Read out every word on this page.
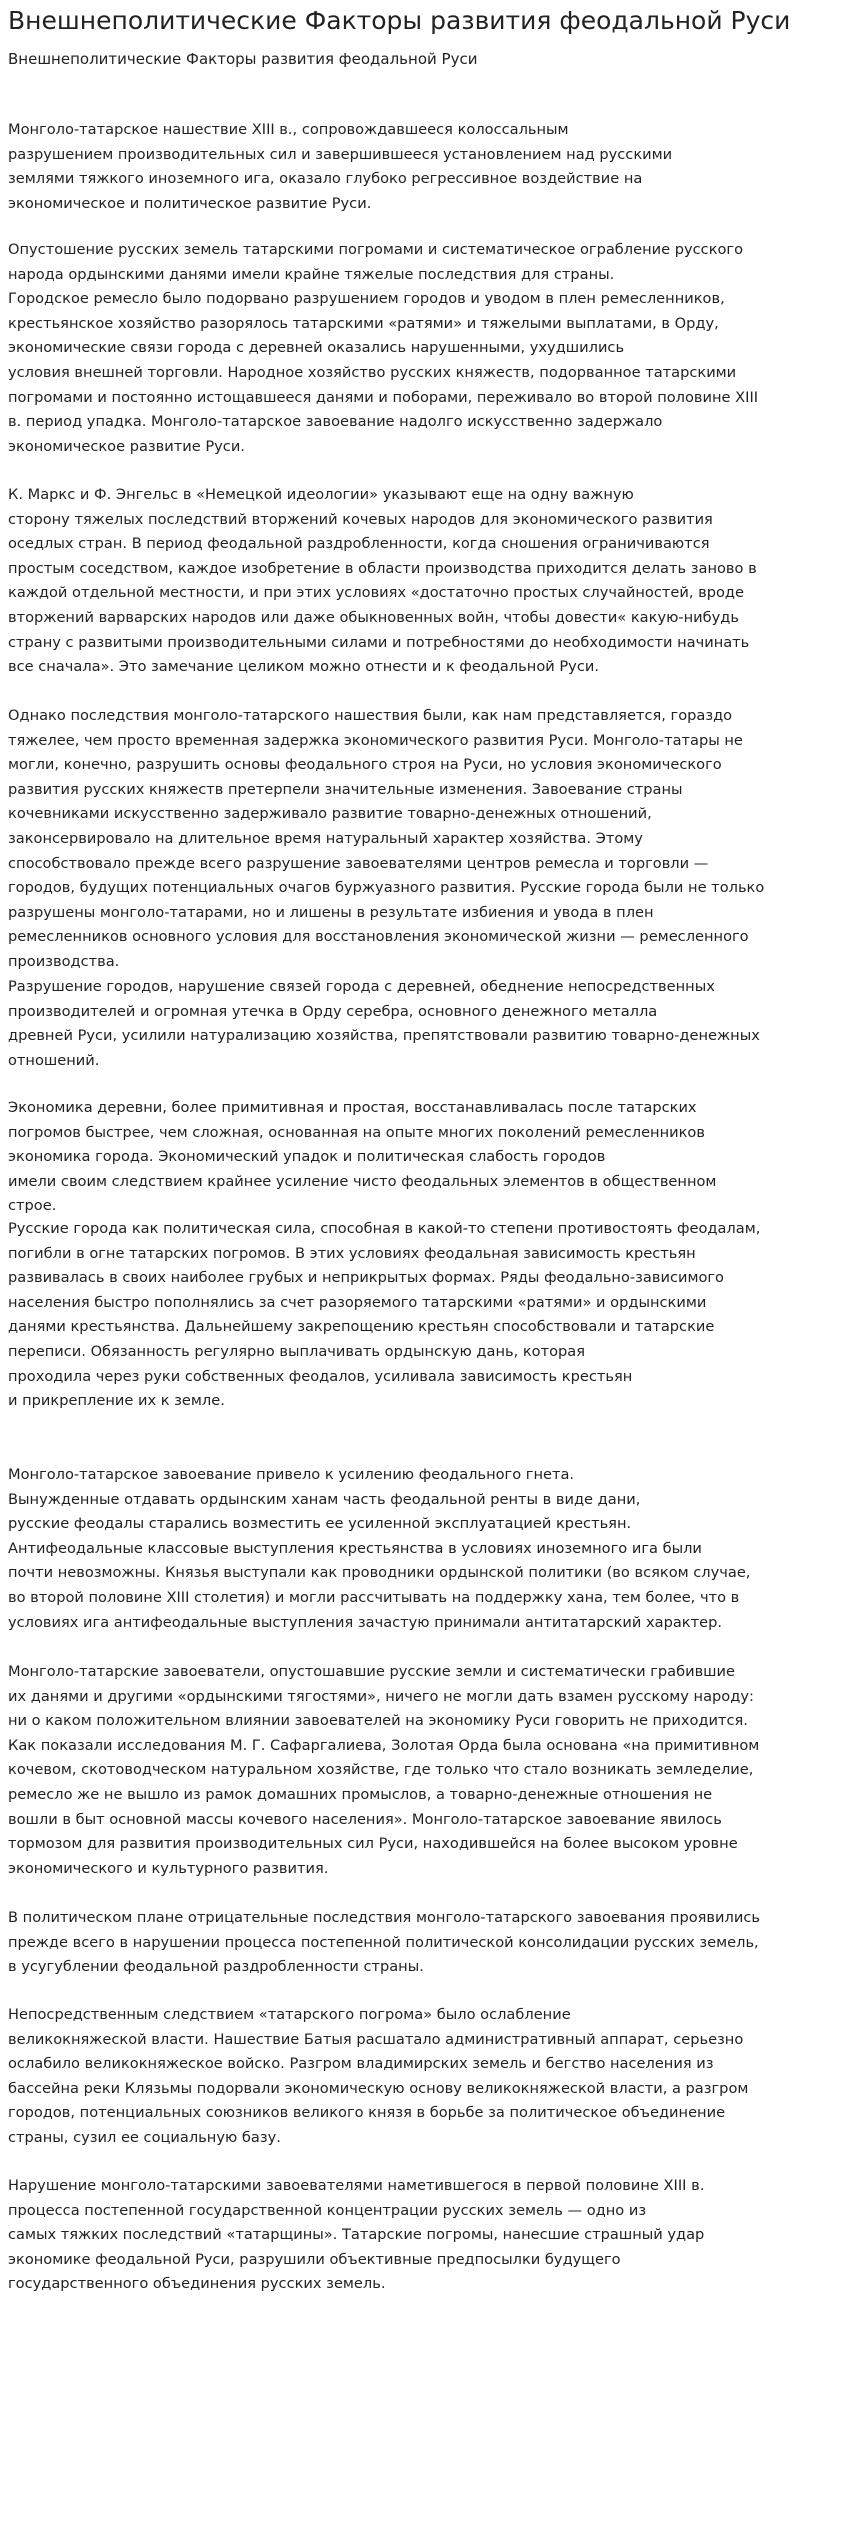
Внешнеполитические Факторы развития феодальной Руси
Внешнеполитические Факторы развития феодальной Руси
Монголо-татарское нашествие XIII в., сопровождавшееся колоссальным
разрушением производительных сил и завершившееся установлением над русскими
землями тяжкого иноземного ига, оказало глубоко регрессивное воздействие на
экономическое и политическое развитие Руси.
Опустошение русских земель татарскими погромами и систематическое ограбление русского
народа ордынскими данями имели крайне тяжелые последствия для страны.
Городское ремесло было подорвано разрушением городов и уводом в плен ремесленников,
крестьянское хозяйство разорялось татарскими «ратями» и тяжелыми выплатами, в Орду,
экономические связи города с деревней оказались нарушенными, ухудшились
условия внешней торговли. Народное хозяйство русских княжеств, подорванное татарскими
погромами и постоянно истощавшееся данями и поборами, переживало во второй половине XIII
в. период упадка. Монголо-татарское завоевание надолго искусственно задержало
экономическое развитие Руси.
К. Маркс и Ф. Энгельс в «Немецкой идеологии» указывают еще на одну важную
сторону тяжелых последствий вторжений кочевых народов для экономического развития
оседлых стран. В период феодальной раздробленности, когда сношения ограничиваются
простым соседством, каждое изобретение в области производства приходится делать заново в
каждой отдельной местности, и при этих условиях «достаточно простых случайностей, вроде
вторжений варварских народов или даже обыкновенных войн, чтобы довести« какую-нибудь
страну с развитыми производительными силами и потребностями до необходимости начинать
все сначала». Это замечание целиком можно отнести и к феодальной Руси.
Однако последствия монголо-татарского нашествия были, как нам представляется, гораздо
тяжелее, чем просто временная задержка экономического развития Руси. Монголо-татары не
могли, конечно, разрушить основы феодального строя на Руси, но условия экономического
развития русских княжеств претерпели значительные изменения. Завоевание страны
кочевниками искусственно задерживало развитие товарно-денежных отношений,
законсервировало на длительное время натуральный характер хозяйства. Этому
способствовало прежде всего разрушение завоевателями центров ремесла и торговли —
городов, будущих потенциальных очагов буржуазного развития. Русские города были не только
разрушены монголо-татарами, но и лишены в результате избиения и увода в плен
ремесленников основного условия для восстановления экономической жизни — ремесленного
производства.
Разрушение городов, нарушение связей города с деревней, обеднение непосредственных
производителей и огромная утечка в Орду серебра, основного денежного металла
древней Руси, усилили натурализацию хозяйства, препятствовали развитию товарно-денежных
отношений.
Экономика деревни, более примитивная и простая, восстанавливалась после татарских
погромов быстрее, чем сложная, основанная на опыте многих поколений ремесленников
экономика города. Экономический упадок и политическая слабость городов
имели своим следствием крайнее усиление чисто феодальных элементов в общественном
строе.
Русские города как политическая сила, способная в какой-то степени противостоять феодалам,
погибли в огне татарских погромов. В этих условиях феодальная зависимость крестьян
развивалась в своих наиболее грубых и неприкрытых формах. Ряды феодально-зависимого
населения быстро пополнялись за счет разоряемого татарскими «ратями» и ордынскими
данями крестьянства. Дальнейшему закрепощению крестьян способствовали и татарские
переписи. Обязанность регулярно выплачивать ордынскую дань, которая
проходила через руки собственных феодалов, усиливала зависимость крестьян
и прикрепление их к земле.
Монголо-татарское завоевание привело к усилению феодального гнета.
Вынужденные отдавать ордынским ханам часть феодальной ренты в виде дани,
русские феодалы старались возместить ее усиленной эксплуатацией крестьян.
Антифеодальные классовые выступления крестьянства в условиях иноземного ига были
почти невозможны. Князья выступали как проводники ордынской политики (во всяком случае,
во второй половине XIII столетия) и могли рассчитывать на поддержку хана, тем более, что в
условиях ига антифеодальные выступления зачастую принимали антитатарский характер.
Монголо-татарские завоеватели, опустошавшие русские земли и систематически грабившие
их данями и другими «ордынскими тягостями», ничего не могли дать взамен русскому народу:
ни о каком положительном влиянии завоевателей на экономику Руси говорить не приходится.
Как показали исследования М. Г. Сафаргалиева, Золотая Орда была основана «на примитивном
кочевом, скотоводческом натуральном хозяйстве, где только что стало возникать земледелие,
ремесло же не вышло из рамок домашних промыслов, а товарно-денежные отношения не
вошли в быт основной массы кочевого населения». Монголо-татарское завоевание явилось
тормозом для развития производительных сил Руси, находившейся на более высоком уровне
экономического и культурного развития.
В политическом плане отрицательные последствия монголо-татарского завоевания проявились
прежде всего в нарушении процесса постепенной политической консолидации русских земель,
в усугублении феодальной раздробленности страны.
Непосредственным следствием «татарского погрома» было ослабление
великокняжеской власти. Нашествие Батыя расшатало административный аппарат, серьезно
ослабило великокняжеское войско. Разгром владимирских земель и бегство населения из
бассейна реки Клязьмы подорвали экономическую основу великокняжеской власти, а разгром
городов, потенциальных союзников великого князя в борьбе за политическое объединение
страны, сузил ее социальную базу.
Нарушение монголо-татарскими завоевателями наметившегося в первой половине XIII в.
процесса постепенной государственной концентрации русских земель — одно из
самых тяжких последствий «татарщины». Татарские погромы, нанесшие страшный удар
экономике феодальной Руси, разрушили объективные предпосылки будущего
государственного объединения русских земель.
